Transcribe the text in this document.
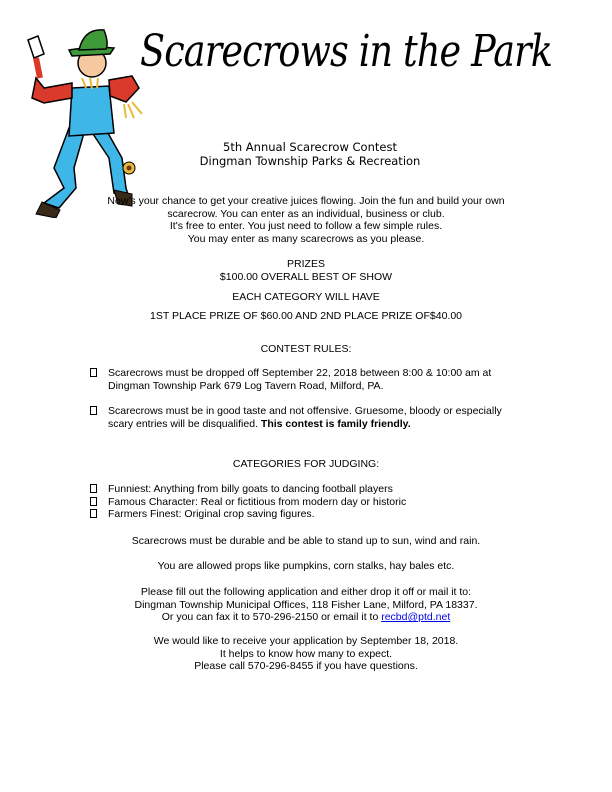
Scarecrows in the Park
5th Annual Scarecrow Contest
Dingman Township Parks & Recreation
Now's your chance to get your creative juices flowing. Join the fun and build your own
scarecrow. You can enter as an individual, business or club.
It's free to enter. You just need to follow a few simple rules.
You may enter as many scarecrows as you please.
PRIZES
$100.00 OVERALL BEST OF SHOW
EACH CATEGORY WILL HAVE
1ST PLACE PRIZE OF $60.00 AND 2ND PLACE PRIZE OF$40.00
CONTEST RULES:
Scarecrows must be dropped off September 22, 2018 between 8:00 & 10:00 am at
Dingman Township Park 679 Log Tavern Road, Milford, PA.
Scarecrows must be in good taste and not offensive. Gruesome, bloody or especially
scary entries will be disqualified. This contest is family friendly.
CATEGORIES FOR JUDGING:
Funniest: Anything from billy goats to dancing football players
Famous Character: Real or fictitious from modern day or historic
Farmers Finest: Original crop saving figures.
Scarecrows must be durable and be able to stand up to sun, wind and rain.
You are allowed props like pumpkins, corn stalks, hay bales etc.
Please fill out the following application and either drop it off or mail it to:
Dingman Township Municipal Offices, 118 Fisher Lane, Milford, PA 18337.
Or you can fax it to 570-296-2150 or email it to recbd@ptd.net
We would like to receive your application by September 18, 2018.
It helps to know how many to expect.
Please call 570-296-8455 if you have questions.
